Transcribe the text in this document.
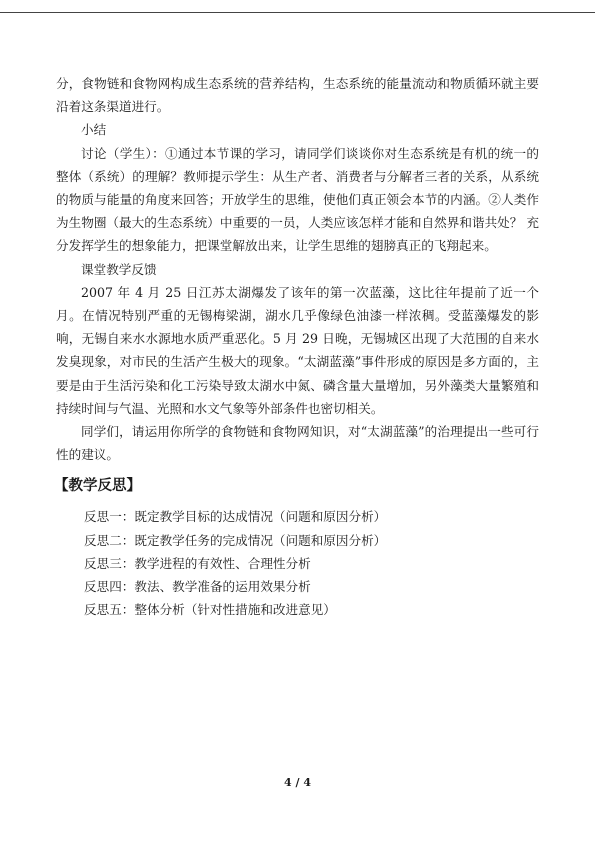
分，食物链和食物网构成生态系统的营养结构，生态系统的能量流动和物质循环就主要沿着这条渠道进行。

小结

讨论（学生）：①通过本节课的学习，请同学们谈谈你对生态系统是有机的统一的整体（系统）的理解？教师提示学生：从生产者、消费者与分解者三者的关系，从系统的物质与能量的角度来回答；开放学生的思维，使他们真正领会本节的内涵。②人类作为生物圈（最大的生态系统）中重要的一员，人类应该怎样才能和自然界和谐共处？ 充分发挥学生的想象能力，把课堂解放出来，让学生思维的翅膀真正的飞翔起来。

课堂教学反馈

2007 年 4 月 25 日江苏太湖爆发了该年的第一次蓝藻，这比往年提前了近一个月。在情况特别严重的无锡梅梁湖，湖水几乎像绿色油漆一样浓稠。受蓝藻爆发的影响，无锡自来水水源地水质严重恶化。5 月 29 日晚，无锡城区出现了大范围的自来水发臭现象，对市民的生活产生极大的现象。“太湖蓝藻”事件形成的原因是多方面的，主要是由于生活污染和化工污染导致太湖水中氮、磷含量大量增加，另外藻类大量繁殖和持续时间与气温、光照和水文气象等外部条件也密切相关。

同学们，请运用你所学的食物链和食物网知识，对“太湖蓝藻”的治理提出一些可行性的建议。

【教学反思】
反思一：既定教学目标的达成情况（问题和原因分析）
反思二：既定教学任务的完成情况（问题和原因分析）
反思三：教学进程的有效性、合理性分析
反思四：教法、教学准备的运用效果分析
反思五：整体分析（针对性措施和改进意见）
4 / 4
